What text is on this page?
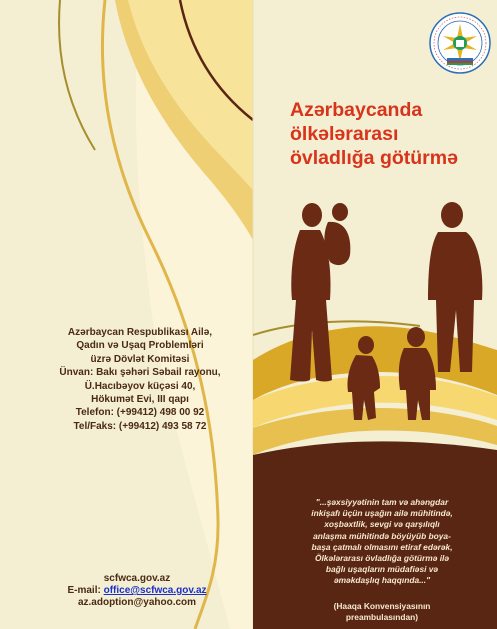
Azərbaycan Respublikası Ailə,
Qadın və Uşaq Problemləri
üzrə Dövlət Komitəsi
Ünvan: Bakı şəhəri Səbail rayonu,
Ü.Hacıbəyov küçəsi 40,
Hökumət Evi, III qapı
Telefon: (+99412) 498 00 92
Tel/Faks: (+99412) 493 58 72
scfwca.gov.az
E-mail: office@scfwca.gov.az
az.adoption@yahoo.com
Azərbaycanda
ölkələrarası
övladlığa götürmə
"...şəxsiyyətinin tam və ahəngdar
inkişafı üçün uşağın ailə mühitində,
xoşbəxtlik, sevgi və qarşılıqlı
anlaşma mühitində böyüyüb boya-
başa çatmalı olmasını etiraf edərək,
Ölkələrarası övladlığa götürmə ilə
bağlı uşaqların müdafiəsi və
əməkdaşlıq haqqında..."
(Haaqa Konvensiyasının
preambulasından)
